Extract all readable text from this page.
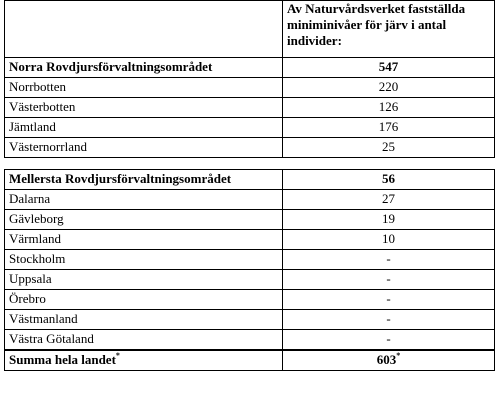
	Av Naturvårdsverket fastställda miniminivåer för järv i antal individer:
Norra Rovdjursförvaltningsområdet	547
Norrbotten	220
Västerbotten	126
Jämtland	176
Västernorrland	25

Mellersta Rovdjursförvaltningsområdet	56
Dalarna	27
Gävleborg	19
Värmland	10
Stockholm	-
Uppsala	-
Örebro	-
Västmanland	-
Västra Götaland	-
Summa hela landet*	603*
